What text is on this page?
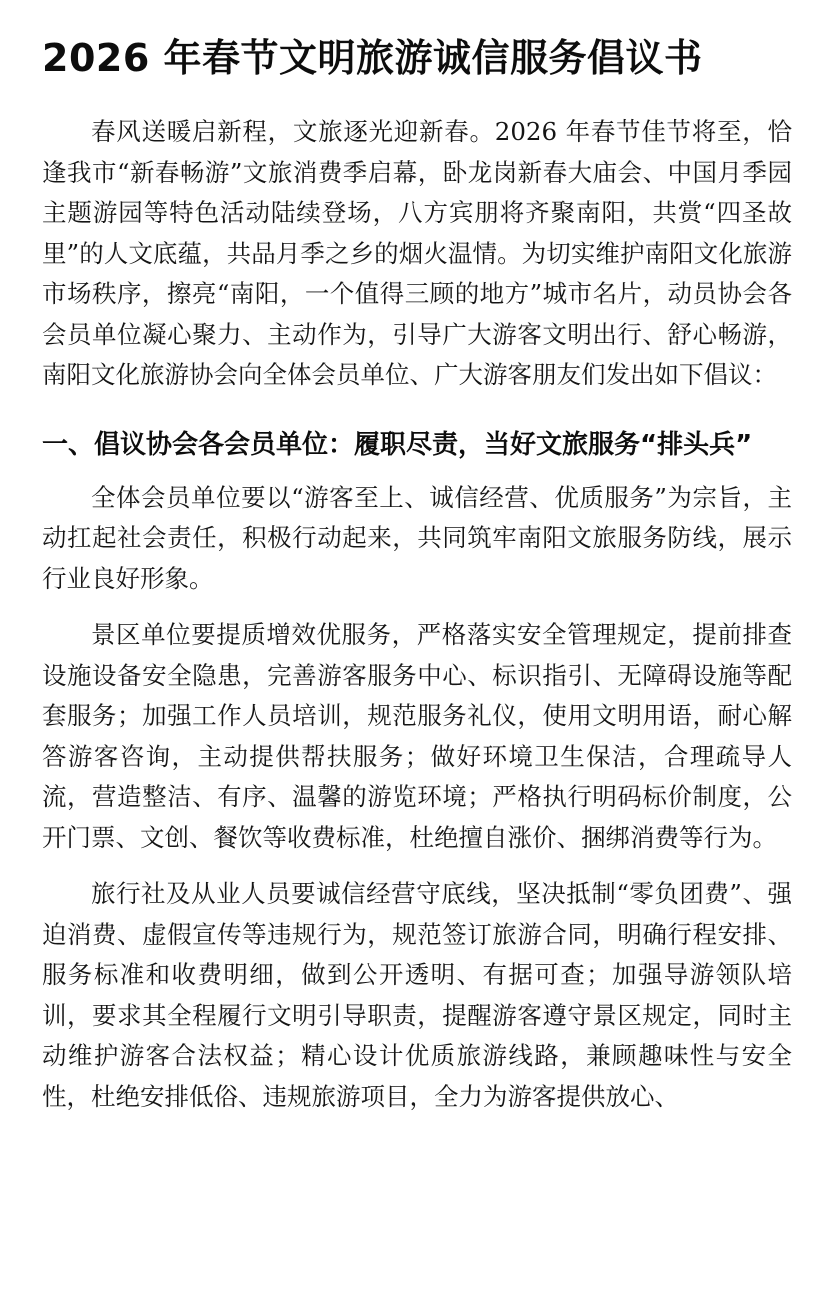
2026 年春节文明旅游诚信服务倡议书

春风送暖启新程，文旅逐光迎新春。2026 年春节佳节将至，恰逢我市“新春畅游”文旅消费季启幕，卧龙岗新春大庙会、中国月季园主题游园等特色活动陆续登场，八方宾朋将齐聚南阳，共赏“四圣故里”的人文底蕴，共品月季之乡的烟火温情。为切实维护南阳文化旅游市场秩序，擦亮“南阳，一个值得三顾的地方”城市名片，动员协会各会员单位凝心聚力、主动作为，引导广大游客文明出行、舒心畅游，南阳文化旅游协会向全体会员单位、广大游客朋友们发出如下倡议：

一、倡议协会各会员单位：履职尽责，当好文旅服务“排头兵”

全体会员单位要以“游客至上、诚信经营、优质服务”为宗旨，主动扛起社会责任，积极行动起来，共同筑牢南阳文旅服务防线，展示行业良好形象。

景区单位要提质增效优服务，严格落实安全管理规定，提前排查设施设备安全隐患，完善游客服务中心、标识指引、无障碍设施等配套服务；加强工作人员培训，规范服务礼仪，使用文明用语，耐心解答游客咨询，主动提供帮扶服务；做好环境卫生保洁，合理疏导人流，营造整洁、有序、温馨的游览环境；严格执行明码标价制度，公开门票、文创、餐饮等收费标准，杜绝擅自涨价、捆绑消费等行为。

旅行社及从业人员要诚信经营守底线，坚决抵制“零负团费”、强迫消费、虚假宣传等违规行为，规范签订旅游合同，明确行程安排、服务标准和收费明细，做到公开透明、有据可查；加强导游领队培训，要求其全程履行文明引导职责，提醒游客遵守景区规定，同时主动维护游客合法权益；精心设计优质旅游线路，兼顾趣味性与安全性，杜绝安排低俗、违规旅游项目，全力为游客提供放心、
